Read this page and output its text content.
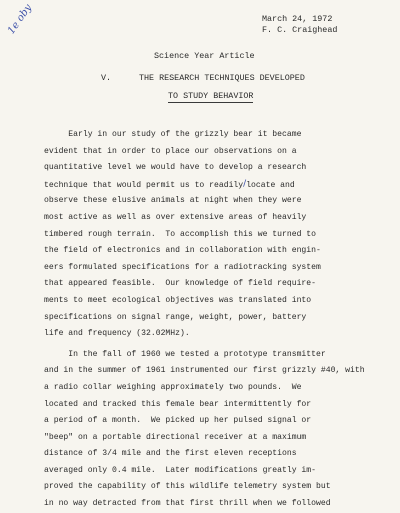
1e oby	March 24, 1972
F. C. Craighead
Science Year Article
V.	THE RESEARCH TECHNIQUES DEVELOPED
TO STUDY BEHAVIOR
Early in our study of the grizzly bear it became
evident that in order to place our observations on a
quantitative level we would have to develop a research
technique that would permit us to readily/locate and
observe these elusive animals at night when they were
most active as well as over extensive areas of heavily
timbered rough terrain.  To accomplish this we turned to
the field of electronics and in collaboration with engin-
eers formulated specifications for a radiotracking system
that appeared feasible.  Our knowledge of field require-
ments to meet ecological objectives was translated into
specifications on signal range, weight, power, battery
life and frequency (32.02MHz).
In the fall of 1960 we tested a prototype transmitter
and in the summer of 1961 instrumented our first grizzly #40, with
a radio collar weighing approximately two pounds.  We
located and tracked this female bear intermittently for
a period of a month.  We picked up her pulsed signal or
"beep" on a portable directional receiver at a maximum
distance of 3/4 mile and the first eleven receptions
averaged only 0.4 mile.  Later modifications greatly im-
proved the capability of this wildlife telemetry system but
in no way detracted from that first thrill when we followed
